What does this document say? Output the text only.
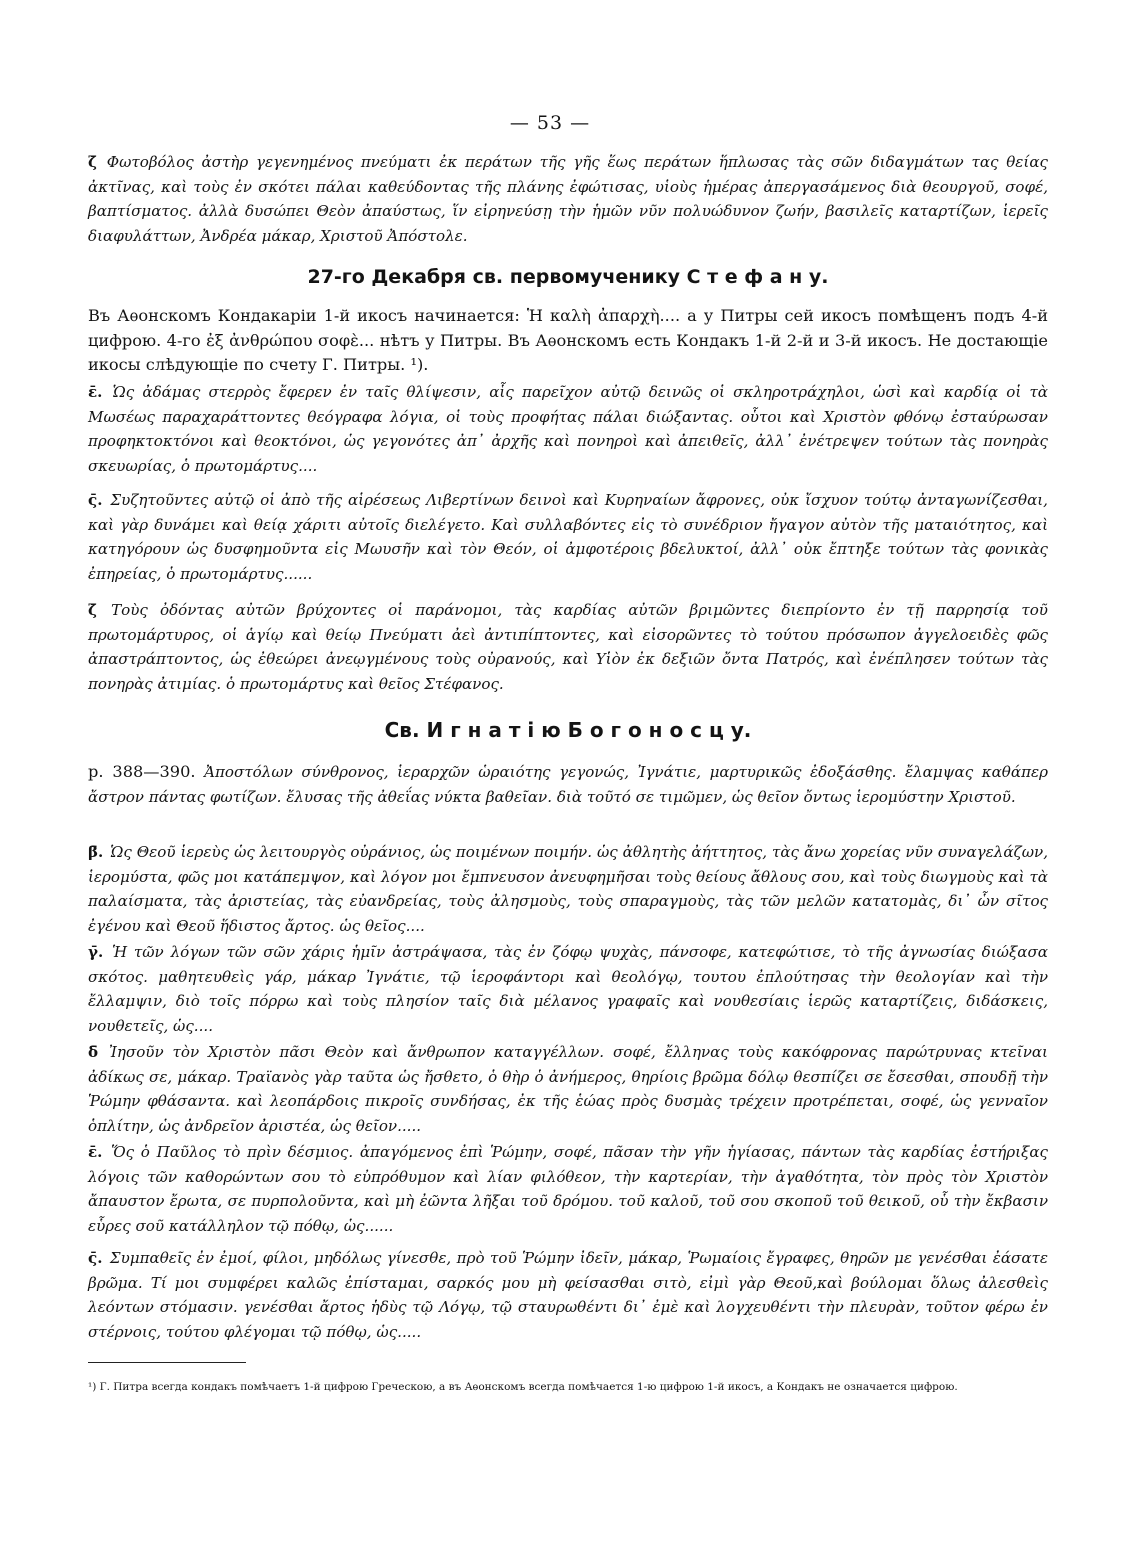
— 53 —
ζ̄ Φωτοβόλος ἀστὴρ γεγενημένος πνεύματι ἐκ περάτων τῆς γῆς ἕως περάτων ἥπλωσας τὰς σῶν διδαγμάτων τας θείας ἀκτῖνας, καὶ τοὺς ἐν σκότει πάλαι καθεύδοντας τῆς πλάνης ἐφώτισας, υἱοὺς ἡμέρας ἀπεργασάμενος διὰ θεουργοῦ, σοφέ, βαπτίσματος. ἀλλὰ δυσώπει Θεὸν ἀπαύστως, ἵν εἰρηνεύσῃ τὴν ἡμῶν νῦν πολυώδυνον ζωήν, βασιλεῖς καταρτίζων, ἱερεῖς διαφυλάττων, Ἀνδρέα μάκαρ, Χριστοῦ Ἀπόστολε.
27-го Декабря св. первомученику С т е ф а н у.
Въ Аѳонскомъ Кондакаріи 1-й икосъ начинается: Ἡ καλὴ ἀπαρχὴ.... а у Питры сей икосъ помѣщенъ подъ 4-й цифрою. 4-го ἐξ ἀνθρώπου σοφὲ... нѣтъ у Питры. Въ Аѳонскомъ есть Кондакъ 1-й 2-й и 3-й икосъ. Не достающіе икосы слѣдующіе по счету Г. Питры. ¹).
ε̄. Ὡς ἀδάμας στερρὸς ἔφερεν ἐν ταῖς θλίψεσιν, αἷς παρεῖχον αὐτῷ δεινῶς οἱ σκληροτράχηλοι, ὡσὶ καὶ καρδίᾳ οἱ τὰ Μωσέως παραχαράττοντες θεόγραφα λόγια, οἱ τοὺς προφήτας πάλαι διώξαντας. οὗτοι καὶ Χριστὸν φθόνῳ ἐσταύρωσαν προφηκτοκτόνοι καὶ θεοκτόνοι, ὡς γεγονότες ἀπ᾽ ἀρχῆς καὶ πονηροὶ καὶ ἀπειθεῖς, ἀλλ᾽ ἐνέτρεψεν τούτων τὰς πονηρὰς σκευωρίας, ὁ πρωτομάρτυς....
ς̄. Συζητοῦντες αὐτῷ οἱ ἀπὸ τῆς αἱρέσεως Λιβερτίνων δεινοὶ καὶ Κυρηναίων ἄφρονες, οὐκ ἴσχυον τούτῳ ἀνταγωνίζεσθαι, καὶ γὰρ δυνάμει καὶ θείᾳ χάριτι αὐτοῖς διελέγετο. Καὶ συλλαβόντες εἰς τὸ συνέδριον ἤγαγον αὐτὸν τῆς ματαιότητος, καὶ κατηγόρουν ὡς δυσφημοῦντα εἰς Μωυσῆν καὶ τὸν Θεόν, οἱ ἀμφοτέροις βδελυκτοί, ἀλλ᾽ οὐκ ἔπτηξε τούτων τὰς φονικὰς ἐπηρείας, ὁ πρωτομάρτυς......
ζ̄ Τοὺς ὀδόντας αὐτῶν βρύχοντες οἱ παράνομοι, τὰς καρδίας αὐτῶν βριμῶντες διεπρίοντο ἐν τῇ παρρησίᾳ τοῦ πρωτομάρτυρος, οἱ ἁγίῳ καὶ θείῳ Πνεύματι ἀεὶ ἀντιπίπτοντες, καὶ εἰσορῶντες τὸ τούτου πρόσωπον ἀγγελοειδὲς φῶς ἀπαστράπτοντος, ὡς ἐθεώρει ἀνεῳγμένους τοὺς οὐρανούς, καὶ Υἱὸν ἐκ δεξιῶν ὄντα Πατρός, καὶ ἐνέπλησεν τούτων τὰς πονηρὰς ἀτιμίας. ὁ πρωτομάρτυς καὶ θεῖος Στέφανος.
Св. И г н а т і ю Б о г о н о с ц у.
р. 388—390. Ἀποστόλων σύνθρονος, ἱεραρχῶν ὡραιότης γεγονώς, Ἰγνάτιε, μαρτυρικῶς ἐδοξάσθης. ἔλαμψας καθάπερ ἄστρον πάντας φωτίζων. ἔλυσας τῆς ἀθεΐας νύκτα βαθεῖαν. διὰ τοῦτό σε τιμῶμεν, ὡς θεῖον ὄντως ἱερομύστην Χριστοῦ.
β̄. Ὡς Θεοῦ ἱερεὺς ὡς λειτουργὸς οὐράνιος, ὡς ποιμένων ποιμήν. ὡς ἀθλητὴς ἀήττητος, τὰς ἄνω χορείας νῦν συναγελάζων, ἱερομύστα, φῶς μοι κατάπεμψον, καὶ λόγον μοι ἔμπνευσον ἀνευφημῆσαι τοὺς θείους ἄθλους σου, καὶ τοὺς διωγμοὺς καὶ τὰ παλαίσματα, τὰς ἀριστείας, τὰς εὐανδρείας, τοὺς ἀλησμοὺς, τοὺς σπαραγμοὺς, τὰς τῶν μελῶν κατατομὰς, δι᾽ ὧν σῖτος ἐγένου καὶ Θεοῦ ἥδιστος ἄρτος. ὡς θεῖος....
γ̄. Ἡ τῶν λόγων τῶν σῶν χάρις ἡμῖν ἀστράψασα, τὰς ἐν ζόφῳ ψυχὰς, πάνσοφε, κατεφώτισε, τὸ τῆς ἀγνωσίας διώξασα σκότος. μαθητευθεὶς γάρ, μάκαρ Ἰγνάτιε, τῷ ἱεροφάντορι καὶ θεολόγῳ, τουτου ἐπλούτησας τὴν θεολογίαν καὶ τὴν ἔλλαμψιν, διὸ τοῖς πόρρω καὶ τοὺς πλησίον ταῖς διὰ μέλανος γραφαῖς καὶ νουθεσίαις ἱερῶς καταρτίζεις, διδάσκεις, νουθετεῖς, ὡς....
δ̄ Ἰησοῦν τὸν Χριστὸν πᾶσι Θεὸν καὶ ἄνθρωπον καταγγέλλων. σοφέ, ἔλληνας τοὺς κακόφρονας παρώτρυνας κτεῖναι ἀδίκως σε, μάκαρ. Τραϊανὸς γὰρ ταῦτα ὡς ἤσθετο, ὁ θὴρ ὁ ἀνήμερος, θηρίοις βρῶμα δόλῳ θεσπίζει σε ἔσεσθαι, σπουδῇ τὴν Ῥώμην φθάσαντα. καὶ λεοπάρδοις πικροῖς συνδήσας, ἐκ τῆς ἑώας πρὸς δυσμὰς τρέχειν προτρέπεται, σοφέ, ὡς γενναῖον ὁπλίτην, ὡς ἀνδρεῖον ἀριστέα, ὡς θεῖον.....
ε̄. Ὅς ὁ Παῦλος τὸ πρὶν δέσμιος. ἀπαγόμενος ἐπὶ Ῥώμην, σοφέ, πᾶσαν τὴν γῆν ἡγίασας, πάντων τὰς καρδίας ἐστήριξας λόγοις τῶν καθορώντων σου τὸ εὐπρόθυμον καὶ λίαν φιλόθεον, τὴν καρτερίαν, τὴν ἀγαθότητα, τὸν πρὸς τὸν Χριστὸν ἄπαυστον ἔρωτα, σε πυρπολοῦντα, καὶ μὴ ἐῶντα λῆξαι τοῦ δρόμου. τοῦ καλοῦ, τοῦ σου σκοποῦ τοῦ θεικοῦ, οὗ τὴν ἔκβασιν εὗρες σοῦ κατάλληλον τῷ πόθῳ, ὡς......
ς̄. Συμπαθεῖς ἐν ἐμοί, φίλοι, μηδόλως γίνεσθε, πρὸ τοῦ Ῥώμην ἰδεῖν, μάκαρ, Ῥωμαίοις ἔγραφες, θηρῶν με γενέσθαι ἐάσατε βρῶμα. Τί μοι συμφέρει καλῶς ἐπίσταμαι, σαρκός μου μὴ φείσασθαι σιτὸ, εἰμὶ γὰρ Θεοῦ,καὶ βούλομαι ὅλως ἀλεσθεὶς λεόντων στόμασιν. γενέσθαι ἄρτος ἡδὺς τῷ Λόγῳ, τῷ σταυρωθέντι δι᾽ ἐμὲ καὶ λογχευθέντι τὴν πλευρὰν, τοῦτον φέρω ἐν στέρνοις, τούτου φλέγομαι τῷ πόθῳ, ὡς.....
¹) Г. Питра всегда кондакъ помѣчаетъ 1-й цифрою Греческою, а въ Аѳонскомъ всегда помѣчается 1-ю цифрою 1-й икосъ, а Кондакъ не означается цифрою.
